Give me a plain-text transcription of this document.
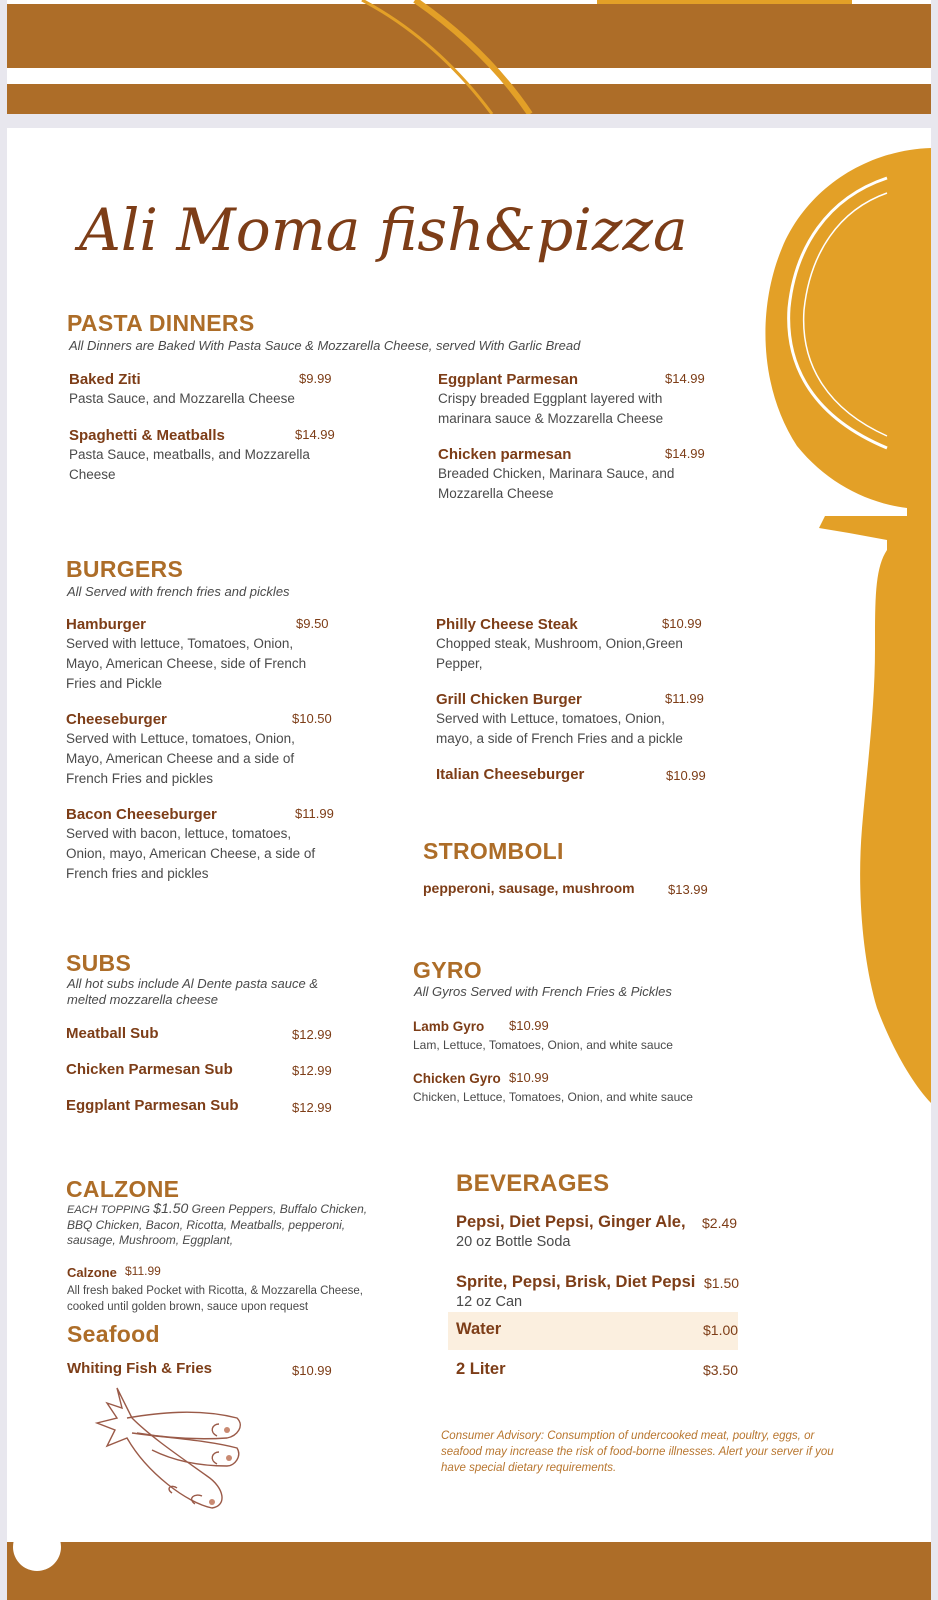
Ali Moma fish&pizza
PASTA DINNERS
All Dinners are Baked With Pasta Sauce & Mozzarella Cheese, served With Garlic Bread
Baked Ziti	$9.99
Pasta Sauce, and Mozzarella Cheese
Spaghetti & Meatballs	$14.99
Pasta Sauce, meatballs, and Mozzarella Cheese
Eggplant Parmesan	$14.99
Crispy breaded Eggplant layered with marinara sauce & Mozzarella Cheese
Chicken parmesan	$14.99
Breaded Chicken, Marinara Sauce, and Mozzarella Cheese
BURGERS
All Served with french fries and pickles
Hamburger	$9.50
Served with lettuce, Tomatoes, Onion, Mayo, American Cheese, side of French Fries and Pickle
Cheeseburger	$10.50
Served with Lettuce, tomatoes, Onion, Mayo, American Cheese and a side of French Fries and pickles
Bacon Cheeseburger	$11.99
Served with bacon, lettuce, tomatoes, Onion, mayo, American Cheese, a side of French fries and pickles
Philly Cheese Steak	$10.99
Chopped steak, Mushroom, Onion,Green Pepper,
Grill Chicken Burger	$11.99
Served with Lettuce, tomatoes, Onion, mayo, a side of French Fries and a pickle
Italian Cheeseburger	$10.99
STROMBOLI
pepperoni, sausage, mushroom	$13.99
SUBS
All hot subs include Al Dente pasta sauce & melted mozzarella cheese
Meatball Sub	$12.99
Chicken Parmesan Sub	$12.99
Eggplant Parmesan Sub	$12.99
GYRO
All Gyros Served with French Fries & Pickles
Lamb Gyro $10.99
Lam, Lettuce, Tomatoes, Onion, and white sauce
Chicken Gyro $10.99
Chicken, Lettuce, Tomatoes, Onion, and white sauce
CALZONE
EACH TOPPING $1.50 Green Peppers, Buffalo Chicken, BBQ Chicken, Bacon, Ricotta, Meatballs, pepperoni, sausage, Mushroom, Eggplant,
Calzone $11.99
All fresh baked Pocket with Ricotta, & Mozzarella Cheese, cooked until golden brown, sauce upon request
Seafood
Whiting Fish & Fries	$10.99
BEVERAGES
Pepsi, Diet Pepsi, Ginger Ale,	$2.49
20 oz Bottle Soda
Sprite, Pepsi, Brisk, Diet Pepsi $1.50
12 oz Can
Water	$1.00
2 Liter	$3.50
Consumer Advisory: Consumption of undercooked meat, poultry, eggs, or seafood may increase the risk of food-borne illnesses. Alert your server if you have special dietary requirements.
